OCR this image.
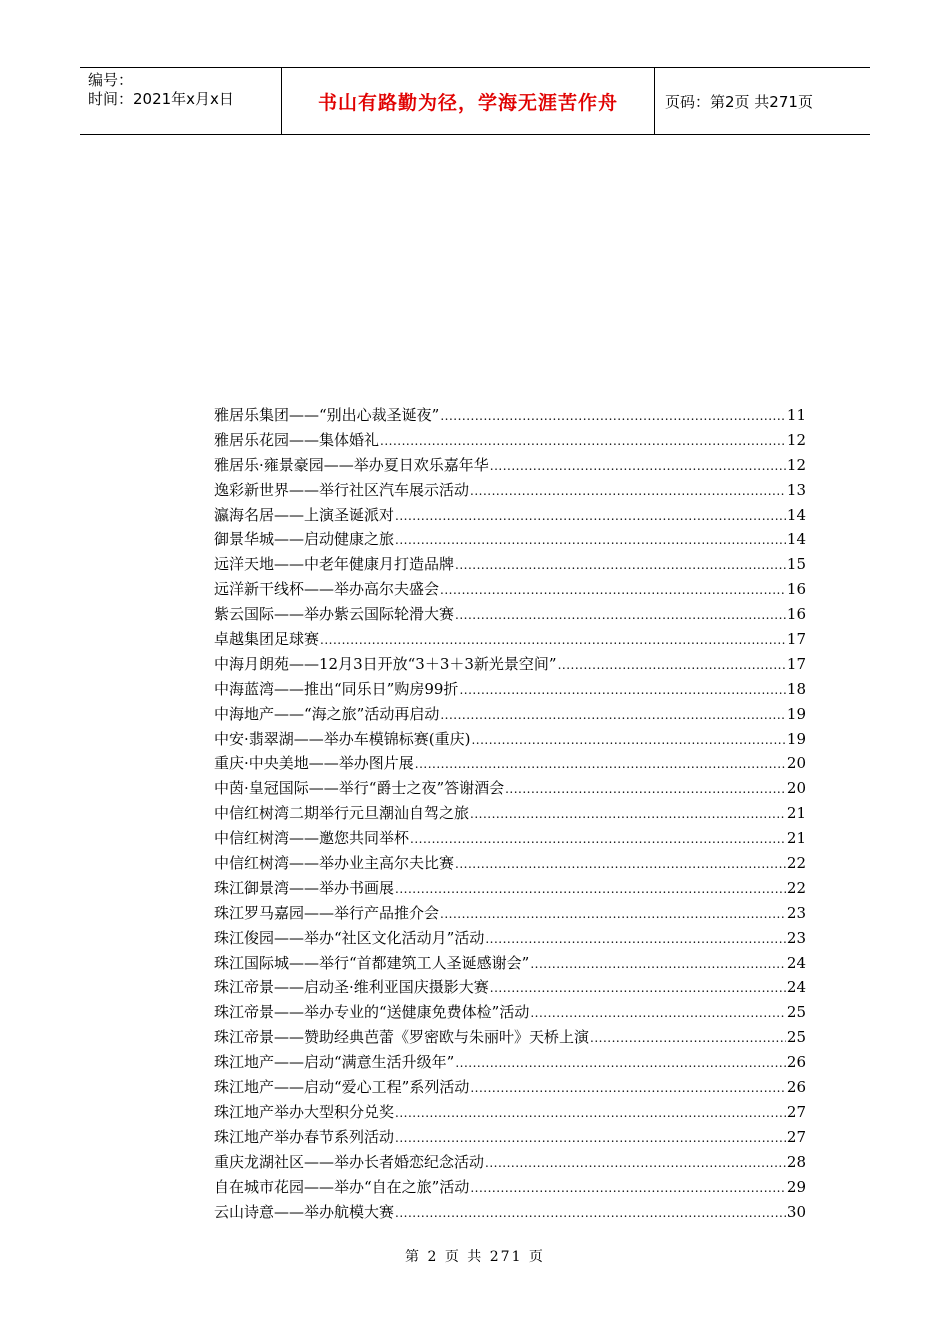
编号：
时间：2021年x月x日	书山有路勤为径，学海无涯苦作舟	页码：第2页 共271页
雅居乐集团——“别出心裁圣诞夜” .....	11
雅居乐花园——集体婚礼 .....	12
雅居乐·雍景豪园——举办夏日欢乐嘉年华 .....	12
逸彩新世界——举行社区汽车展示活动 .....	13
瀛海名居——上演圣诞派对 .....	14
御景华城——启动健康之旅 .....	14
远洋天地——中老年健康月打造品牌 .....	15
远洋新干线杯——举办高尔夫盛会 .....	16
紫云国际——举办紫云国际轮滑大赛 .....	16
卓越集团足球赛 .....	17
中海月朗苑——12月3日开放“3＋3＋3新光景空间” .....	17
中海蓝湾——推出“同乐日”购房99折 .....	18
中海地产——“海之旅”活动再启动 .....	19
中安·翡翠湖——举办车模锦标赛(重庆) .....	19
重庆·中央美地——举办图片展 .....	20
中茵·皇冠国际——举行“爵士之夜”答谢酒会 .....	20
中信红树湾二期举行元旦潮汕自驾之旅 .....	21
中信红树湾——邀您共同举杯 .....	21
中信红树湾——举办业主高尔夫比赛 .....	22
珠江御景湾——举办书画展 .....	22
珠江罗马嘉园——举行产品推介会 .....	23
珠江俊园——举办“社区文化活动月”活动 .....	23
珠江国际城——举行“首都建筑工人圣诞感谢会” .....	24
珠江帝景——启动圣·维利亚国庆摄影大赛 .....	24
珠江帝景——举办专业的“送健康免费体检”活动 .....	25
珠江帝景——赞助经典芭蕾《罗密欧与朱丽叶》天桥上演 .....	25
珠江地产——启动“满意生活升级年” .....	26
珠江地产——启动“爱心工程”系列活动 .....	26
珠江地产举办大型积分兑奖 .....	27
珠江地产举办春节系列活动 .....	27
重庆龙湖社区——举办长者婚恋纪念活动 .....	28
自在城市花园——举办“自在之旅”活动 .....	29
云山诗意——举办航模大赛 .....	30
第 2 页 共 271 页
